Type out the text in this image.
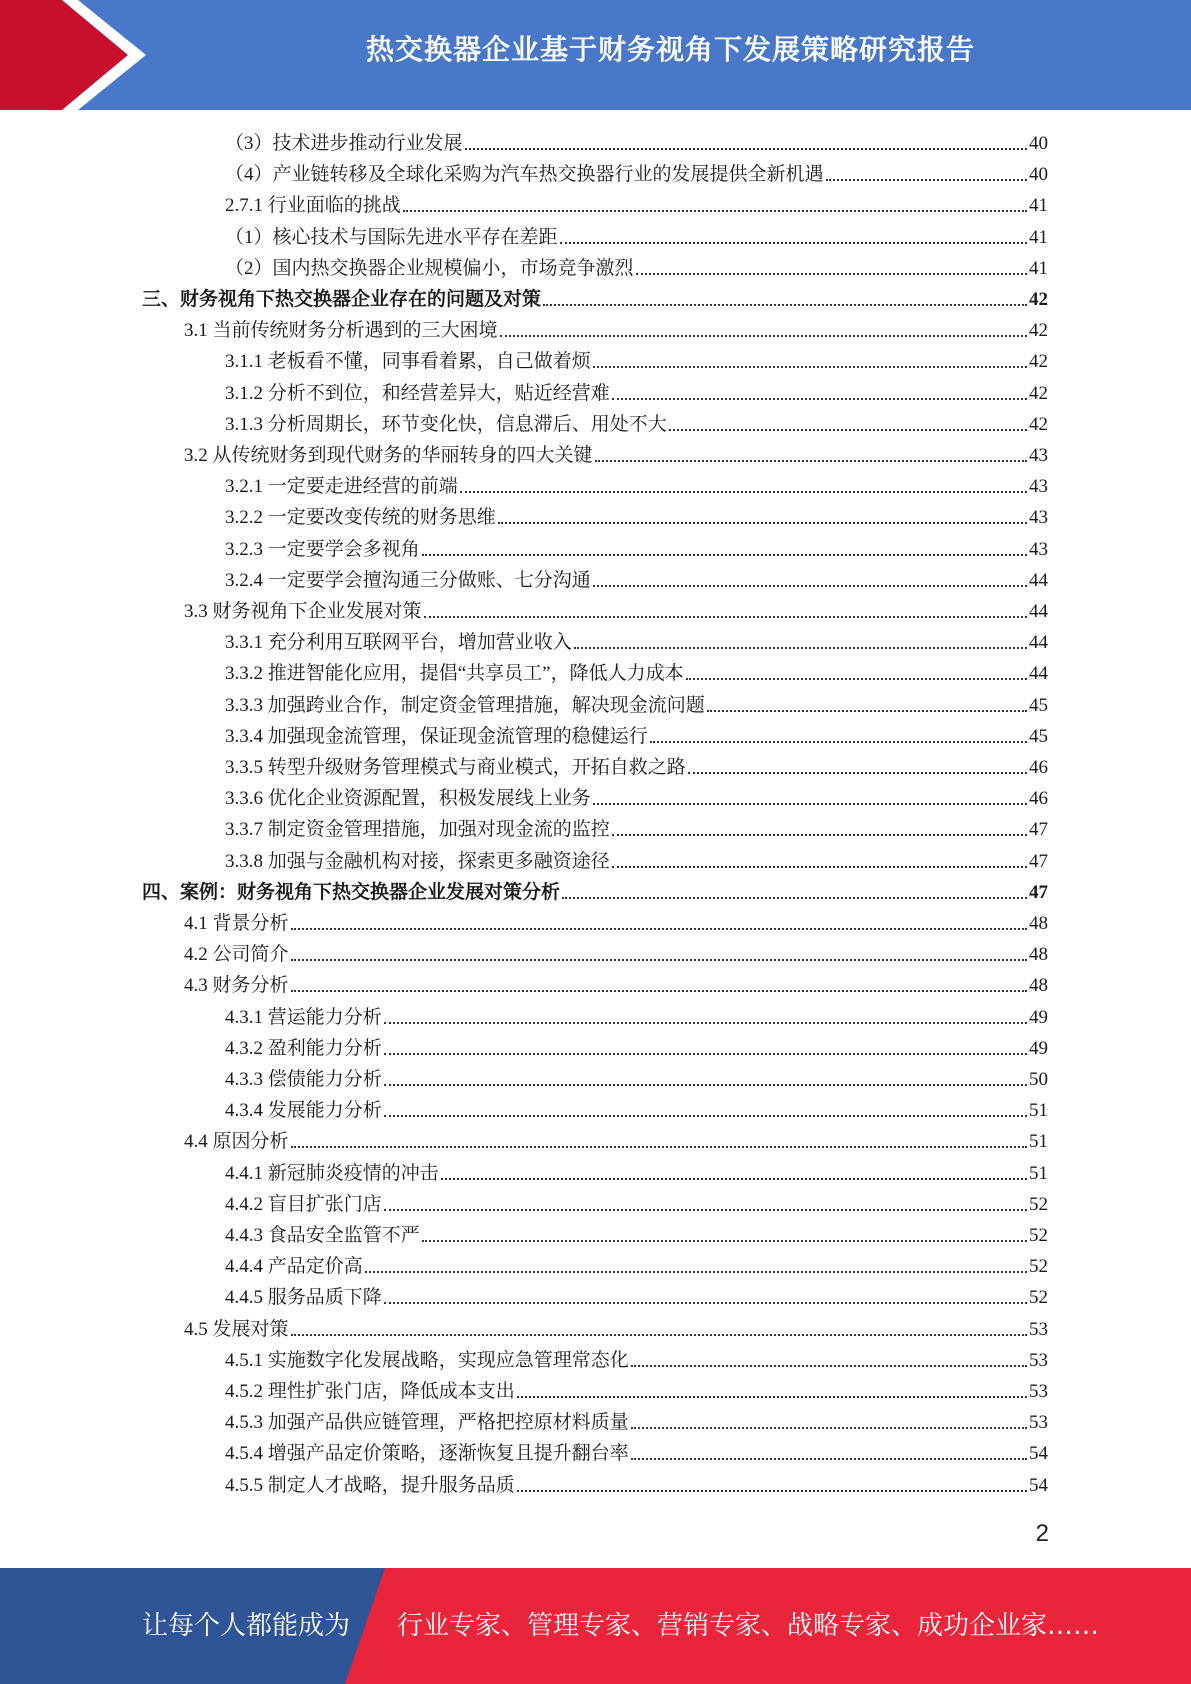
热交换器企业基于财务视角下发展策略研究报告
（3）技术进步推动行业发展	40
（4）产业链转移及全球化采购为汽车热交换器行业的发展提供全新机遇	40
2.7.1 行业面临的挑战	41
（1）核心技术与国际先进水平存在差距	41
（2）国内热交换器企业规模偏小，市场竞争激烈	41
三、财务视角下热交换器企业存在的问题及对策	42
3.1 当前传统财务分析遇到的三大困境	42
3.1.1 老板看不懂，同事看着累，自己做着烦	42
3.1.2 分析不到位，和经营差异大，贴近经营难	42
3.1.3 分析周期长，环节变化快，信息滞后、用处不大	42
3.2 从传统财务到现代财务的华丽转身的四大关键	43
3.2.1 一定要走进经营的前端	43
3.2.2 一定要改变传统的财务思维	43
3.2.3 一定要学会多视角	43
3.2.4 一定要学会擅沟通三分做账、七分沟通	44
3.3 财务视角下企业发展对策	44
3.3.1 充分利用互联网平台，增加营业收入	44
3.3.2 推进智能化应用，提倡“共享员工”，降低人力成本	44
3.3.3 加强跨业合作，制定资金管理措施，解决现金流问题	45
3.3.4 加强现金流管理，保证现金流管理的稳健运行	45
3.3.5 转型升级财务管理模式与商业模式，开拓自救之路	46
3.3.6 优化企业资源配置，积极发展线上业务	46
3.3.7 制定资金管理措施，加强对现金流的监控	47
3.3.8 加强与金融机构对接，探索更多融资途径	47
四、案例：财务视角下热交换器企业发展对策分析	47
4.1 背景分析	48
4.2 公司简介	48
4.3 财务分析	48
4.3.1 营运能力分析	49
4.3.2 盈利能力分析	49
4.3.3 偿债能力分析	50
4.3.4 发展能力分析	51
4.4 原因分析	51
4.4.1 新冠肺炎疫情的冲击	51
4.4.2 盲目扩张门店	52
4.4.3 食品安全监管不严	52
4.4.4 产品定价高	52
4.4.5 服务品质下降	52
4.5 发展对策	53
4.5.1 实施数字化发展战略，实现应急管理常态化	53
4.5.2 理性扩张门店，降低成本支出	53
4.5.3 加强产品供应链管理，严格把控原材料质量	53
4.5.4 增强产品定价策略，逐渐恢复且提升翻台率	54
4.5.5 制定人才战略，提升服务品质	54
2
让每个人都能成为 行业专家、管理专家、营销专家、战略专家、成功企业家……
